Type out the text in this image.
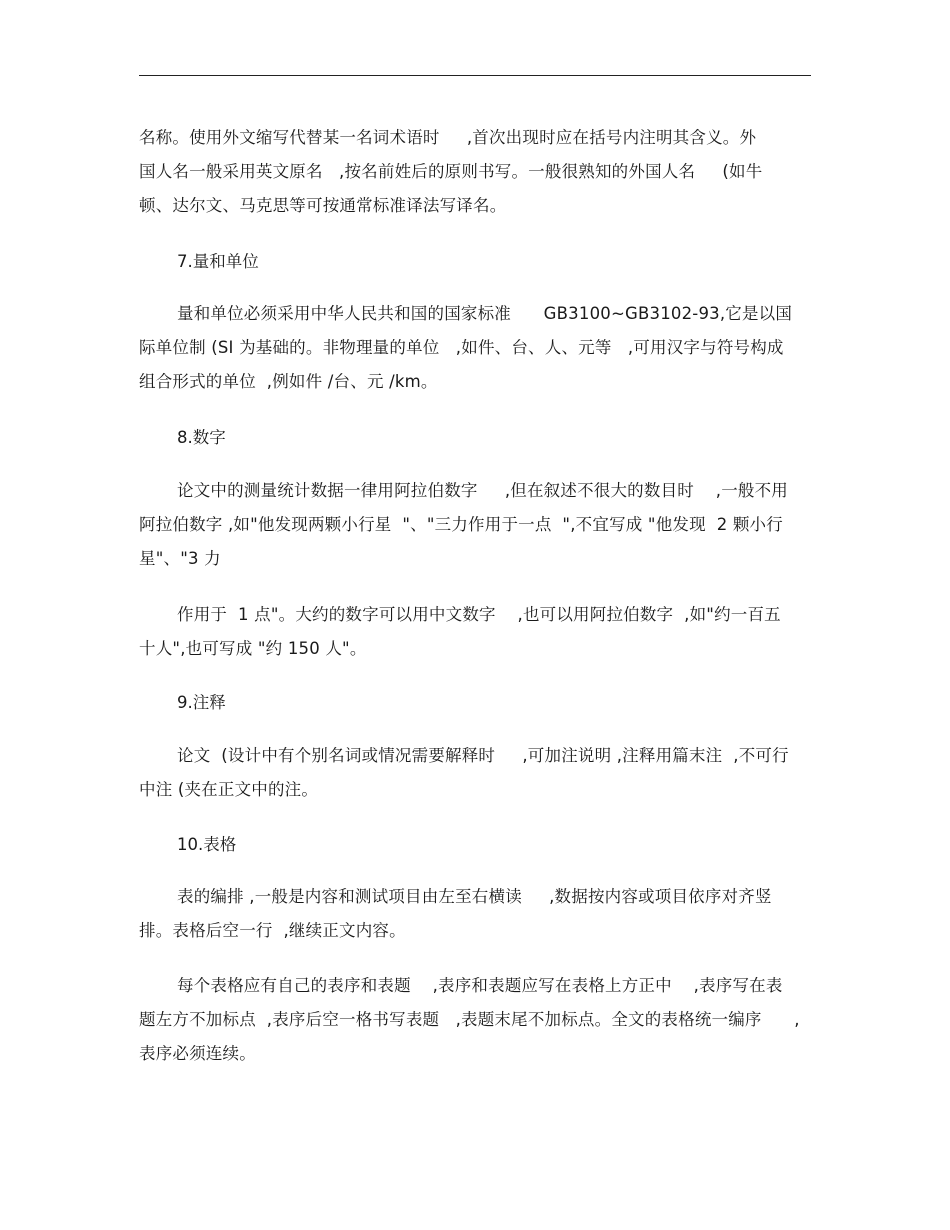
名称。使用外文缩写代替某一名词术语时     ,首次出现时应在括号内注明其含义。外
国人名一般采用英文原名   ,按名前姓后的原则书写。一般很熟知的外国人名     (如牛
顿、达尔文、马克思等可按通常标准译法写译名。
7.量和单位
量和单位必须采用中华人民共和国的国家标准      GB3100~GB3102-93,它是以国
际单位制 (SI 为基础的。非物理量的单位   ,如件、台、人、元等   ,可用汉字与符号构成
组合形式的单位  ,例如件 /台、元 /km。
8.数字
论文中的测量统计数据一律用阿拉伯数字     ,但在叙述不很大的数目时    ,一般不用
阿拉伯数字 ,如"他发现两颗小行星  "、"三力作用于一点  ",不宜写成 "他发现  2 颗小行
星"、"3 力
作用于  1 点"。大约的数字可以用中文数字    ,也可以用阿拉伯数字  ,如"约一百五
十人",也可写成 "约 150 人"。
9.注释
论文  (设计中有个别名词或情况需要解释时     ,可加注说明 ,注释用篇末注  ,不可行
中注 (夹在正文中的注。
10.表格
表的编排 ,一般是内容和测试项目由左至右横读     ,数据按内容或项目依序对齐竖
排。表格后空一行  ,继续正文内容。
每个表格应有自己的表序和表题    ,表序和表题应写在表格上方正中    ,表序写在表
题左方不加标点  ,表序后空一格书写表题   ,表题末尾不加标点。全文的表格统一编序      ,
表序必须连续。
